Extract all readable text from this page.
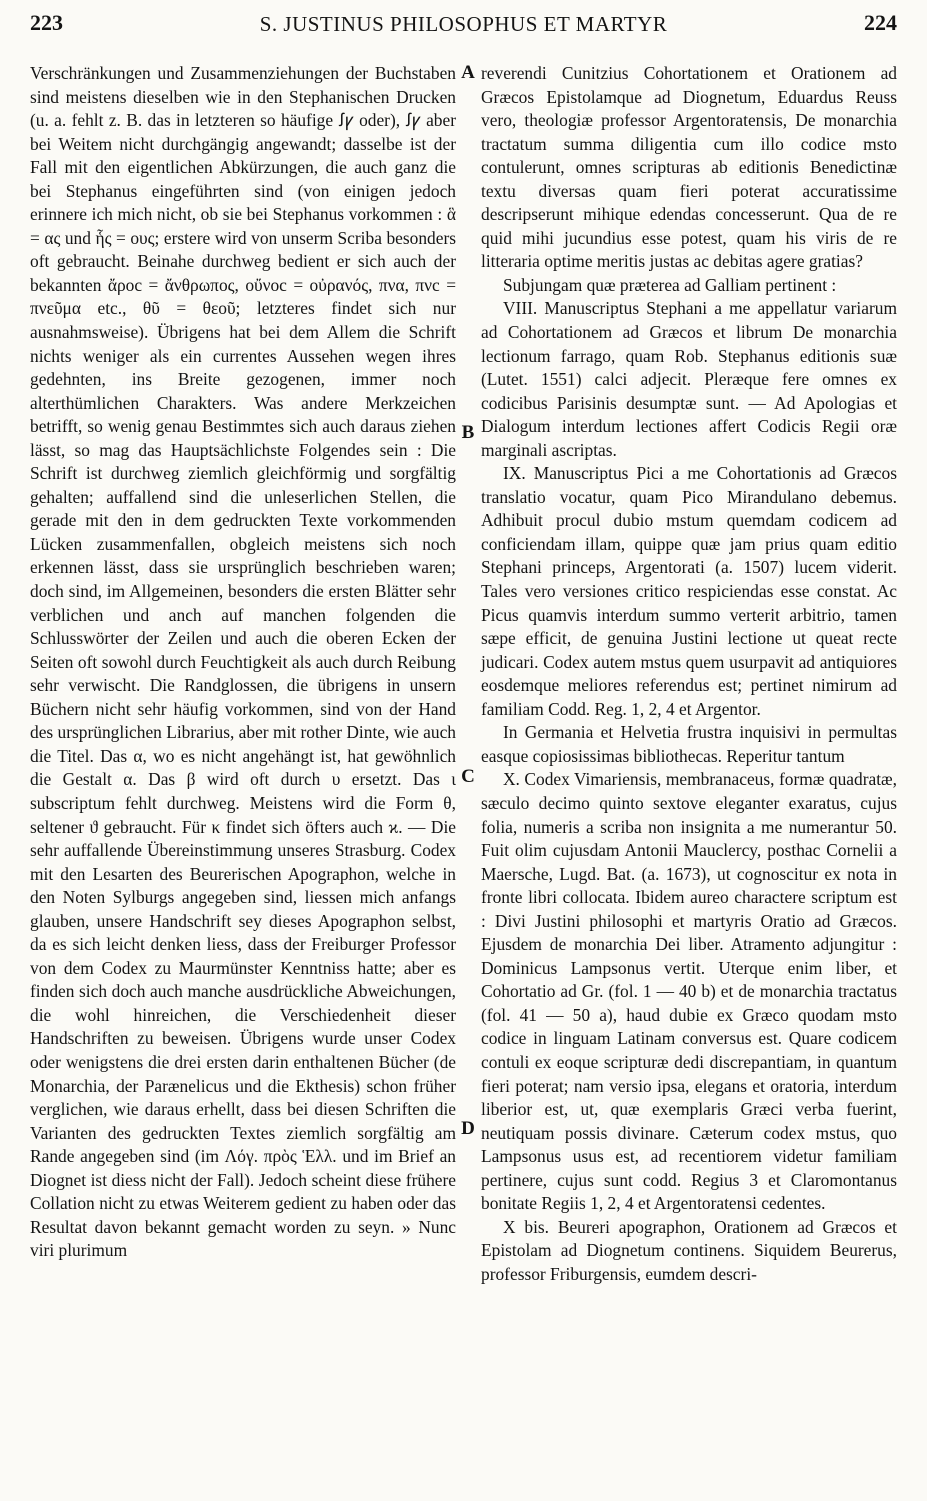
223	S. JUSTINUS PHILOSOPHUS ET MARTYR	224

Verschränkungen und Zusammenziehungen der Buchstaben sind meistens dieselben wie in den Stephanischen Drucken (u. a. fehlt z. B. das in letzteren so häufige ꭍꝩ oder), ꭍꝩ aber bei Weitem nicht durchgängig angewandt; dasselbe ist der Fall mit den eigentlichen Abkürzungen, die auch ganz die bei Stephanus eingeführten sind (von einigen jedoch erinnere ich mich nicht, ob sie bei Stephanus vorkommen : ἃ = ας und ἧς = ους; erstere wird von unserm Scriba besonders oft gebraucht. Beinahe durchweg bedient er sich auch der bekannten ἄροc = ἄνθρωπος, οὔνοc = οὐρανός, πνα, πνc = πνεῦμα etc., θῦ = θεοῦ; letzteres findet sich nur ausnahmsweise). Übrigens hat bei dem Allem die Schrift nichts weniger als ein currentes Aussehen wegen ihres gedehnten, ins Breite gezogenen, immer noch alterthümlichen Charakters. Was andere Merkzeichen betrifft, so wenig genau Bestimmtes sich auch daraus ziehen lässt, so mag das Hauptsächlichste Folgendes sein : Die Schrift ist durchweg ziemlich gleichförmig und sorgfältig gehalten; auffallend sind die unleserlichen Stellen, die gerade mit den in dem gedruckten Texte vorkommenden Lücken zusammenfallen, obgleich meistens sich noch erkennen lässt, dass sie ursprünglich beschrieben waren; doch sind, im Allgemeinen, besonders die ersten Blätter sehr verblichen und anch auf manchen folgenden die Schlusswörter der Zeilen und auch die oberen Ecken der Seiten oft sowohl durch Feuchtigkeit als auch durch Reibung sehr verwischt. Die Randglossen, die übrigens in unsern Büchern nicht sehr häufig vorkommen, sind von der Hand des ursprünglichen Librarius, aber mit rother Dinte, wie auch die Titel. Das α, wo es nicht angehängt ist, hat gewöhnlich die Gestalt α. Das β wird oft durch υ ersetzt. Das ι subscriptum fehlt durchweg. Meistens wird die Form θ, seltener ϑ gebraucht. Für κ findet sich öfters auch ϰ. — Die sehr auffallende Übereinstimmung unseres Strasburg. Codex mit den Lesarten des Beurerischen Apographon, welche in den Noten Sylburgs angegeben sind, liessen mich anfangs glauben, unsere Handschrift sey dieses Apographon selbst, da es sich leicht denken liess, dass der Freiburger Professor von dem Codex zu Maurmünster Kenntniss hatte; aber es finden sich doch auch manche ausdrückliche Abweichungen, die wohl hinreichen, die Verschiedenheit dieser Handschriften zu beweisen. Übrigens wurde unser Codex oder wenigstens die drei ersten darin enthaltenen Bücher (de Monarchia, der Parænelicus und die Ekthesis) schon früher verglichen, wie daraus erhellt, dass bei diesen Schriften die Varianten des gedruckten Textes ziemlich sorgfältig am Rande angegeben sind (im Λόγ. πρὸς Ἑλλ. und im Brief an Diognet ist diess nicht der Fall). Jedoch scheint diese frühere Collation nicht zu etwas Weiterem gedient zu haben oder das Resultat davon bekannt gemacht worden zu seyn. » Nunc viri plurimum

A
B
C
D

reverendi Cunitzius Cohortationem et Orationem ad Græcos Epistolamque ad Diognetum, Eduardus Reuss vero, theologiæ professor Argentoratensis, De monarchia tractatum summa diligentia cum illo codice msto contulerunt, omnes scripturas ab editionis Benedictinæ textu diversas quam fieri poterat accuratissime descripserunt mihique edendas concesserunt. Qua de re quid mihi jucundius esse potest, quam his viris de re litteraria optime meritis justas ac debitas agere gratias?

Subjungam quæ præterea ad Galliam pertinent :

VIII. Manuscriptus Stephani a me appellatur variarum ad Cohortationem ad Græcos et librum De monarchia lectionum farrago, quam Rob. Stephanus editionis suæ (Lutet. 1551) calci adjecit. Pleræque fere omnes ex codicibus Parisinis desumptæ sunt. — Ad Apologias et Dialogum interdum lectiones affert Codicis Regii oræ marginali ascriptas.

IX. Manuscriptus Pici a me Cohortationis ad Græcos translatio vocatur, quam Pico Mirandulano debemus. Adhibuit procul dubio mstum quemdam codicem ad conficiendam illam, quippe quæ jam prius quam editio Stephani princeps, Argentorati (a. 1507) lucem viderit. Tales vero versiones critico respiciendas esse constat. Ac Picus quamvis interdum summo verterit arbitrio, tamen sæpe efficit, de genuina Justini lectione ut queat recte judicari. Codex autem mstus quem usurpavit ad antiquiores eosdemque meliores referendus est; pertinet nimirum ad familiam Codd. Reg. 1, 2, 4 et Argentor.

In Germania et Helvetia frustra inquisivi in permultas easque copiosissimas bibliothecas. Reperitur tantum

X. Codex Vimariensis, membranaceus, formæ quadratæ, sæculo decimo quinto sextove eleganter exaratus, cujus folia, numeris a scriba non insignita a me numerantur 50. Fuit olim cujusdam Antonii Mauclercy, posthac Cornelii a Maersche, Lugd. Bat. (a. 1673), ut cognoscitur ex nota in fronte libri collocata. Ibidem aureo charactere scriptum est : Divi Justini philosophi et martyris Oratio ad Græcos. Ejusdem de monarchia Dei liber. Atramento adjungitur : Dominicus Lampsonus vertit. Uterque enim liber, et Cohortatio ad Gr. (fol. 1 — 40 b) et de monarchia tractatus (fol. 41 — 50 a), haud dubie ex Græco quodam msto codice in linguam Latinam conversus est. Quare codicem contuli ex eoque scripturæ dedi discrepantiam, in quantum fieri poterat; nam versio ipsa, elegans et oratoria, interdum liberior est, ut, quæ exemplaris Græci verba fuerint, neutiquam possis divinare. Cæterum codex mstus, quo Lampsonus usus est, ad recentiorem videtur familiam pertinere, cujus sunt codd. Regius 3 et Claromontanus bonitate Regiis 1, 2, 4 et Argentoratensi cedentes.

X bis. Beureri apographon, Orationem ad Græcos et Epistolam ad Diognetum continens. Siquidem Beurerus, professor Friburgensis, eumdem descri-
